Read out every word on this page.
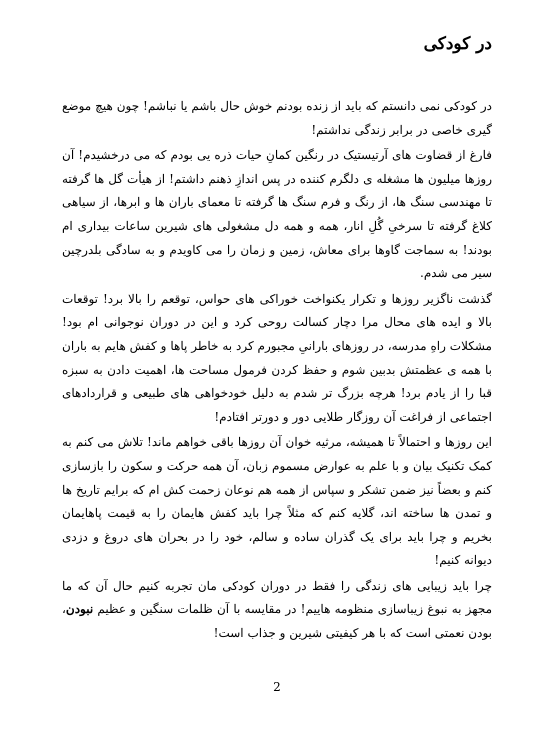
در کودکی

در کودکی نمی دانستم که باید از زنده بودنم خوش حال باشم یا نباشم! چون هیچ موضع گیری خاصی در برابر زندگی نداشتم!

فارغ از قضاوت های آرتیستیک در رنگین کمانِ حیات ذره یی بودم که می درخشیدم! آن روزها میلیون ها مشغله ی دلگرم کننده در پس اندازِ ذهنم داشتم! از هیأت گل ها گرفته تا مهندسی سنگ ها، از رنگ و فرم سنگ ها گرفته تا معمای باران ها و ابرها، از سیاهی کلاغ گرفته تا سرخیِ گُلِ انار، همه و همه دل مشغولی های شیرین ساعات بیداری ام بودند! به سماجت گاوها برای معاش، زمین و زمان را می کاویدم و به سادگی بلدرچین سیر می شدم.

گذشت ناگزیر روزها و تکرار یکنواخت خوراکی های حواس، توقعم را بالا برد! توقعات بالا و ایده های محال مرا دچار کسالت روحی کرد و این در دوران نوجوانی ام بود! مشکلات راهِ مدرسه، در روزهای بارانیِ مجبورم کرد به خاطر پاها و کفش هایم به باران با همه ی عظمتش بدبین شوم و حفظ کردن فرمول مساحت ها، اهمیت دادن به سبزه قبا را از یادم برد! هرچه بزرگ تر شدم به دلیل خودخواهی های طبیعی و قراردادهای اجتماعی از فراغت آن روزگار طلایی دور و دورتر افتادم!

این روزها و احتمالاً تا همیشه، مرثیه خوان آن روزها باقی خواهم ماند! تلاش می کنم به کمک تکنیک بیان و با علم به عوارض مسموم زبان، آن همه حرکت و سکون را بازسازی کنم و بعضاً نیز ضمن تشکر و سپاس از همه هم نوعان زحمت کش ام که برایم تاریخ ها و تمدن ها ساخته اند، گلایه کنم که مثلاً چرا باید کفش هایمان را به قیمت پاهایمان بخریم و چرا باید برای یک گذران ساده و سالم، خود را در بحران های دروغ و دزدی دیوانه کنیم!

چرا باید زیبایی های زندگی را فقط در دوران کودکی مان تجربه کنیم حال آن که ما مجهز به نبوغ زیباسازی منظومه هاییم! در مقایسه با آن ظلمات سنگین و عظیم نبودن، بودن نعمتی است که با هر کیفیتی شیرین و جذاب است!

2
